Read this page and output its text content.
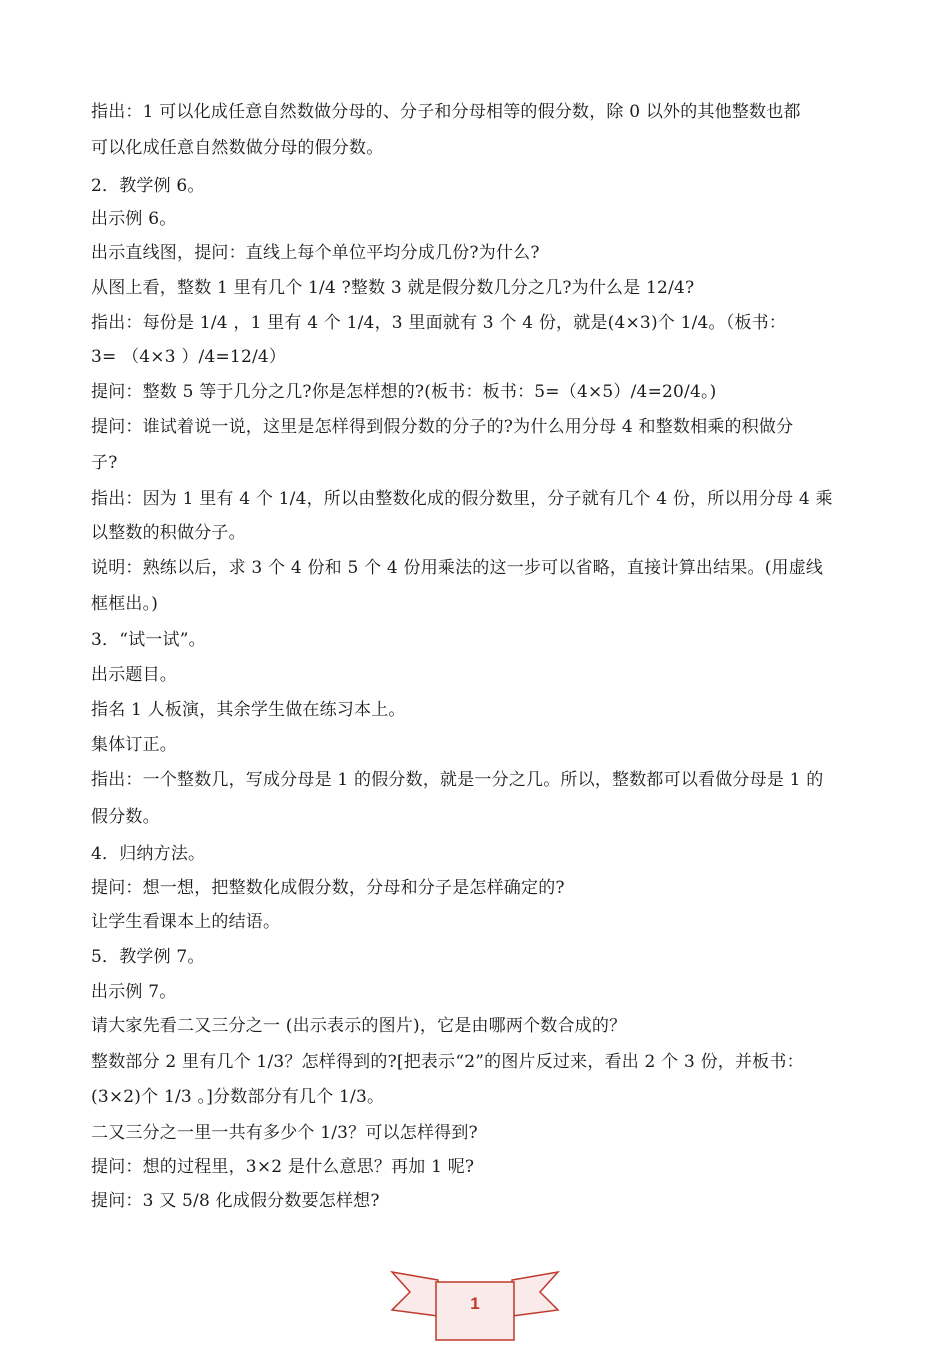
指出：1 可以化成任意自然数做分母的、分子和分母相等的假分数，除 0 以外的其他整数也都
可以化成任意自然数做分母的假分数。
2．教学例 6。
出示例 6。
出示直线图，提问：直线上每个单位平均分成几份?为什么?
从图上看，整数 1 里有几个 1/4 ?整数 3 就是假分数几分之几?为什么是 12/4?
指出：每份是 1/4 ，1 里有 4 个 1/4，3 里面就有 3 个 4 份，就是(4×3)个 1/4。（板书：
3= （4×3 ）/4=12/4）
提问：整数 5 等于几分之几?你是怎样想的?(板书：板书：5=（4×5）/4=20/4。)
提问：谁试着说一说，这里是怎样得到假分数的分子的?为什么用分母 4 和整数相乘的积做分
子?
指出：因为 1 里有 4 个 1/4，所以由整数化成的假分数里，分子就有几个 4 份，所以用分母 4 乘
以整数的积做分子。
说明：熟练以后，求 3 个 4 份和 5 个 4 份用乘法的这一步可以省略，直接计算出结果。(用虚线
框框出。)
3．“试一试”。
出示题目。
指名 1 人板演，其余学生做在练习本上。
集体订正。
指出：一个整数几，写成分母是 1 的假分数，就是一分之几。所以，整数都可以看做分母是 1 的
假分数。
4．归纳方法。
提问：想一想，把整数化成假分数，分母和分子是怎样确定的?
让学生看课本上的结语。
5．教学例 7。
出示例 7。
请大家先看二又三分之一 (出示表示的图片)，它是由哪两个数合成的？
整数部分 2 里有几个 1/3？怎样得到的?[把表示“2”的图片反过来，看出 2 个 3 份，并板书：
(3×2)个 1/3 。]分数部分有几个 1/3。
二又三分之一里一共有多少个 1/3？可以怎样得到?
提问：想的过程里，3×2 是什么意思？再加 1 呢?
提问：3 又 5/8 化成假分数要怎样想?
1
